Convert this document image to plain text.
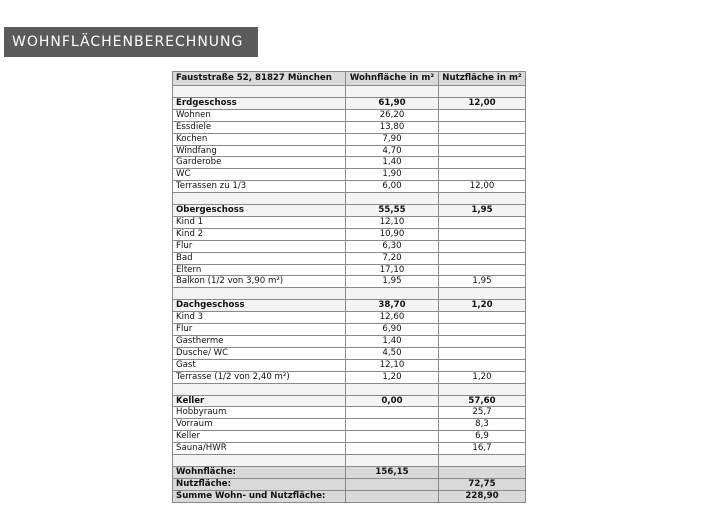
WOHNFLÄCHENBERECHNUNG
Fauststraße 52, 81827 München	Wohnfläche in m²	Nutzfläche in m²

Erdgeschoss	61,90	12,00
Wohnen	26,20	
Essdiele	13,80	
Kochen	7,90	
Windfang	4,70	
Garderobe	1,40	
WC	1,90	
Terrassen zu 1/3	6,00	12,00

Obergeschoss	55,55	1,95
Kind 1	12,10	
Kind 2	10,90	
Flur	6,30	
Bad	7,20	
Eltern	17,10	
Balkon (1/2 von 3,90 m²)	1,95	1,95

Dachgeschoss	38,70	1,20
Kind 3	12,60	
Flur	6,90	
Gastherme	1,40	
Dusche/ WC	4,50	
Gast	12,10	
Terrasse (1/2 von 2,40 m²)	1,20	1,20

Keller	0,00	57,60
Hobbyraum		25,7
Vorraum		8,3
Keller		6,9
Sauna/HWR		16,7

Wohnfläche:	156,15	
Nutzfläche:		72,75
Summe Wohn- und Nutzfläche:		228,90
